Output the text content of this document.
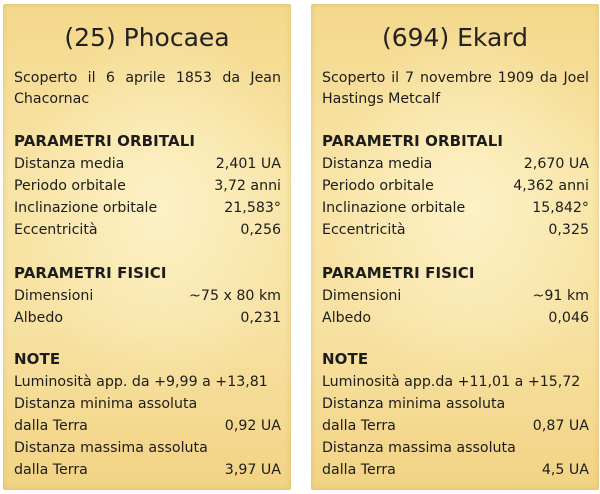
(25) Phocaea
Scoperto il 6 aprile 1853 da Jean Chacornac
PARAMETRI ORBITALI
Distanza media	2,401 UA
Periodo orbitale	3,72 anni
Inclinazione orbitale	21,583°
Eccentricità	0,256
PARAMETRI FISICI
Dimensioni	~75 x 80 km
Albedo	0,231
NOTE
Luminosità app. da +9,99 a +13,81
Distanza minima assoluta
dalla Terra	0,92 UA
Distanza massima assoluta
dalla Terra	3,97 UA
(694) Ekard
Scoperto il 7 novembre 1909 da Joel Hastings Metcalf
PARAMETRI ORBITALI
Distanza media	2,670 UA
Periodo orbitale	4,362 anni
Inclinazione orbitale	15,842°
Eccentricità	0,325
PARAMETRI FISICI
Dimensioni	~91 km
Albedo	0,046
NOTE
Luminosità app.da +11,01 a +15,72
Distanza minima assoluta
dalla Terra	0,87 UA
Distanza massima assoluta
dalla Terra	4,5 UA
